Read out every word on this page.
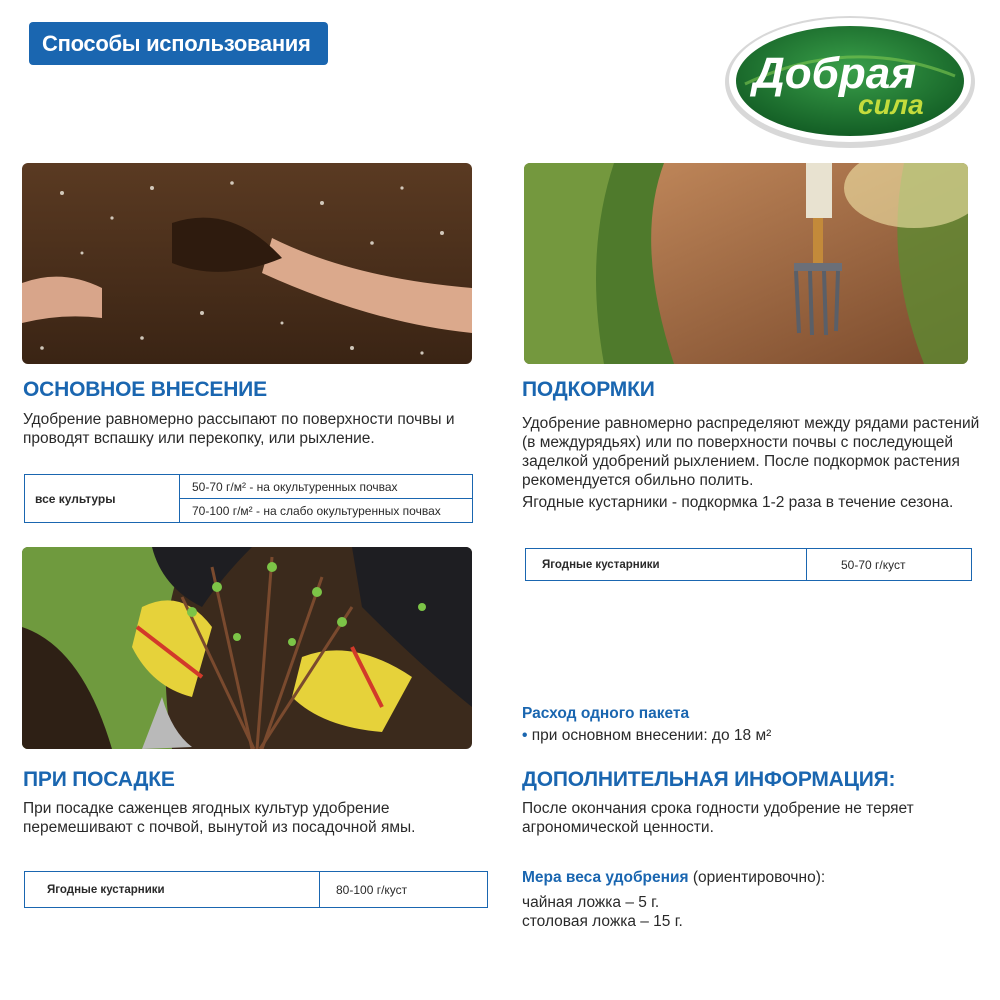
Способы использования
Добрая
сила
ОСНОВНОЕ ВНЕСЕНИЕ

Удобрение равномерно рассыпают по поверхности почвы и

проводят вспашку или перекопку, или рыхление.

все культуры	50-70 г/м² - на окультуренных почвах
70-100 г/м² - на слабо окультуренных почвах
ПОДКОРМКИ

Удобрение равномерно распределяют между рядами растений

(в междурядьях) или по поверхности почвы с последующей

заделкой удобрений рыхлением. После подкормок растения

рекомендуется обильно полить.

Ягодные кустарники - подкормка 1-2 раза в течение сезона.

Ягодные кустарники	50-70 г/куст
ПРИ ПОСАДКЕ

При посадке саженцев ягодных культур удобрение

перемешивают с почвой, вынутой из посадочной ямы.

Ягодные кустарники	80-100 г/куст
Расход одного пакета
• при основном внесении: до 18 м²
ДОПОЛНИТЕЛЬНАЯ ИНФОРМАЦИЯ:

После окончания срока годности удобрение не теряет

агрономической ценности.

Мера веса удобрения (ориентировочно):

чайная ложка – 5 г.

столовая ложка – 15 г.
